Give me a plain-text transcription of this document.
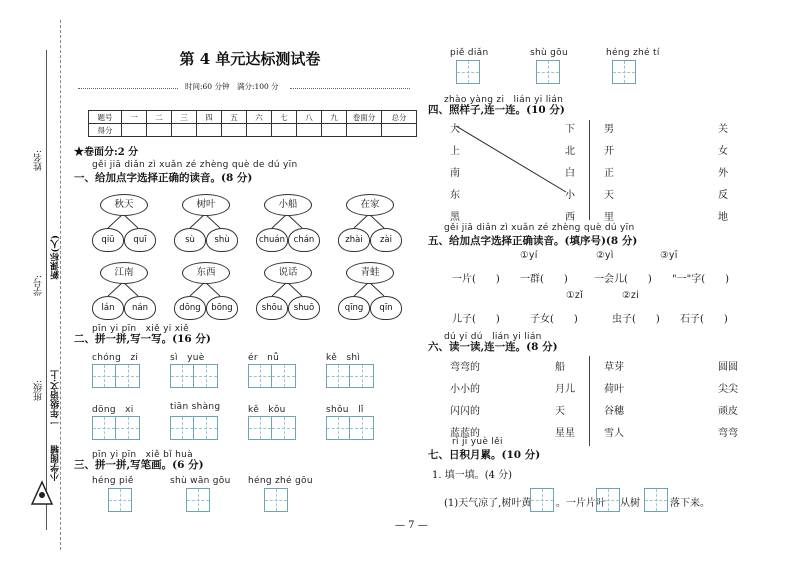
姓名:
学号:
班级:
新课标(人)
一年级语文·上
小学图辅
第 4 单元达标测试卷
时间:60 分钟　满分:100 分
题号	一	二	三	四	五	六	七	八	九	卷面分	总分
得分											
★卷面分:2 分
gěi jiā diǎn zì xuǎn zé zhèng què de dú yīn
一、给加点字选择正确的读音。(8 分)
秋天
qiū	quī
树叶
sù	shù
小船
chuán	chán
在家
zhài	zài
江南
lán	nán
东西
dōng	bōng
说话
shōu	shuō
青蛙
qīng	qīn
pīn yi pīn　xiě yi xiě
二、拼一拼,写一写。(16 分)
chóng　zi	sì　yuè	ér　nǚ	kě　shì
dōng　xi	tiān shàng	kě　kǒu	shǒu　lǐ
pīn yi pīn　xiě bǐ huà
三、拼一拼,写笔画。(6 分)
héng piě	shù wān gōu héng zhé gōu
piě diǎn	shù gōu	héng zhé tí
zhào yàng zi　lián yi lián
四、照样子,连一连。(10 分)
大
上
南
东
黑
下
北
白
小
西
男
开
正
天
里
关
女
外
反
地
gěi jiā diǎn zì xuǎn zé zhèng què dú yīn
五、给加点字选择正确读音。(填序号)(8 分)
①yí	②yì	③yī
一片(　　) 一群(　　)	一会儿(　　) "一"字(　　)
①zǐ	②zi
儿子(　　)	子女(　　)	虫子(　　) 石子(　　)
dú yi dú　lián yi lián
六、读一读,连一连。(8 分)
弯弯的
小小的
闪闪的
蓝蓝的
船
月儿
天
星星
草芽
荷叶
谷穗
雪人
圆圆
尖尖
顽皮
弯弯
rì jī yuè lěi
七、日积月累。(10 分)
1. 填一填。(4 分)
(1)天气凉了,树叶黄 。一片片叶 从树	落下来。
— 7 —
